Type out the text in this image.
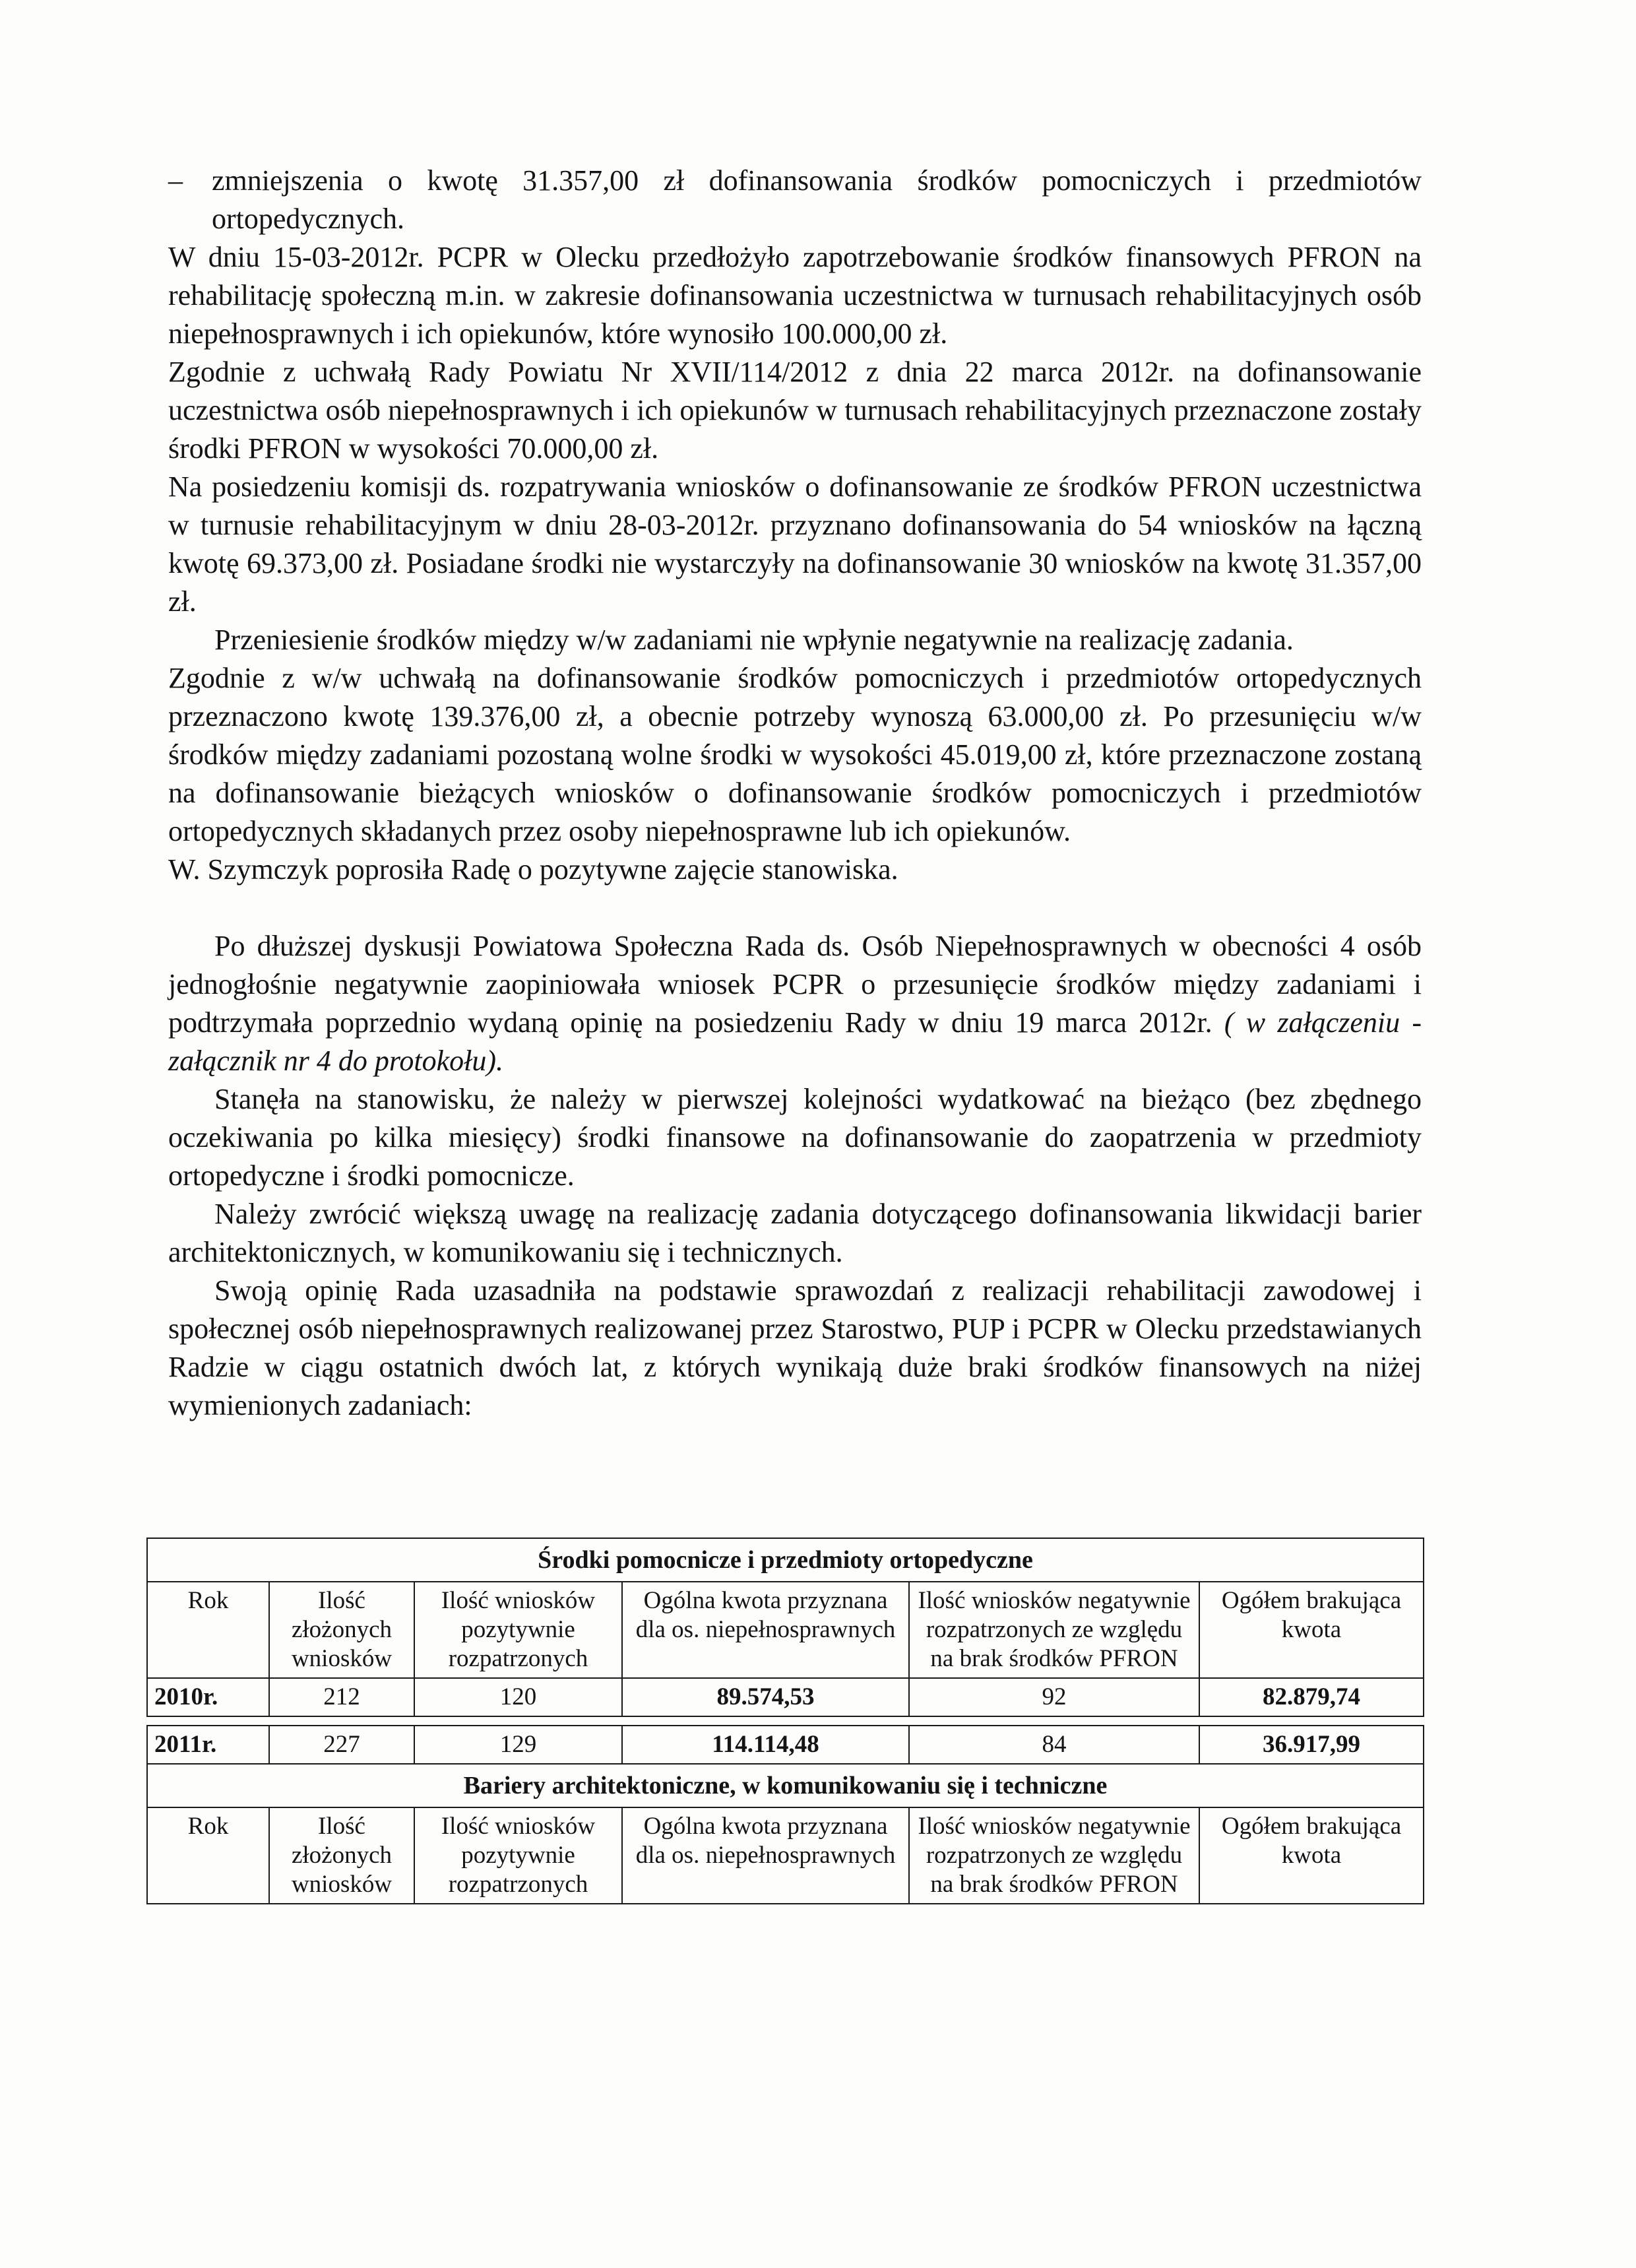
–	zmniejszenia o kwotę 31.357,00 zł dofinansowania środków pomocniczych i przedmiotów ortopedycznych.

W dniu 15-03-2012r. PCPR w Olecku przedłożyło zapotrzebowanie środków finansowych PFRON na rehabilitację społeczną m.in. w zakresie dofinansowania uczestnictwa w turnusach rehabilitacyjnych osób niepełnosprawnych i ich opiekunów, które wynosiło 100.000,00 zł.

Zgodnie z uchwałą Rady Powiatu Nr XVII/114/2012 z dnia 22 marca 2012r. na dofinansowanie uczestnictwa osób niepełnosprawnych i ich opiekunów w turnusach rehabilitacyjnych przeznaczone zostały środki PFRON w wysokości 70.000,00 zł.

Na posiedzeniu komisji ds. rozpatrywania wniosków o dofinansowanie ze środków PFRON uczestnictwa w turnusie rehabilitacyjnym w dniu 28-03-2012r. przyznano dofinansowania do 54 wniosków na łączną kwotę 69.373,00 zł. Posiadane środki nie wystarczyły na dofinansowanie 30 wniosków na kwotę 31.357,00 zł.

Przeniesienie środków między w/w zadaniami nie wpłynie negatywnie na realizację zadania.

Zgodnie z w/w uchwałą na dofinansowanie środków pomocniczych i przedmiotów ortopedycznych przeznaczono kwotę 139.376,00 zł, a obecnie potrzeby wynoszą 63.000,00 zł. Po przesunięciu w/w środków między zadaniami pozostaną wolne środki w wysokości 45.019,00 zł, które przeznaczone zostaną na dofinansowanie bieżących wniosków o dofinansowanie środków pomocniczych i przedmiotów ortopedycznych składanych przez osoby niepełnosprawne lub ich opiekunów.

W. Szymczyk poprosiła Radę o pozytywne zajęcie stanowiska.

Po dłuższej dyskusji Powiatowa Społeczna Rada ds. Osób Niepełnosprawnych w obecności 4 osób jednogłośnie negatywnie zaopiniowała wniosek PCPR o przesunięcie środków między zadaniami i podtrzymała poprzednio wydaną opinię na posiedzeniu Rady w dniu 19 marca 2012r. ( w załączeniu - załącznik nr 4 do protokołu).

Stanęła na stanowisku, że należy w pierwszej kolejności wydatkować na bieżąco (bez zbędnego oczekiwania po kilka miesięcy) środki finansowe na dofinansowanie do zaopatrzenia w przedmioty ortopedyczne i środki pomocnicze.

Należy zwrócić większą uwagę na realizację zadania dotyczącego dofinansowania likwidacji barier architektonicznych, w komunikowaniu się i technicznych.

Swoją opinię Rada uzasadniła na podstawie sprawozdań z realizacji rehabilitacji zawodowej i społecznej osób niepełnosprawnych realizowanej przez Starostwo, PUP i PCPR w Olecku przedstawianych Radzie w ciągu ostatnich dwóch lat, z których wynikają duże braki środków finansowych na niżej wymienionych zadaniach:

Środki pomocnicze i przedmioty ortopedyczne					
Rok	Ilość złożonych wniosków	Ilość wniosków pozytywnie rozpatrzonych	Ogólna kwota przyznana dla os. niepełnosprawnych	Ilość wniosków negatywnie rozpatrzonych ze względu na brak środków PFRON	Ogółem brakująca kwota
2010r.	212	120	89.574,53	92	82.879,74

2011r.	227	129	114.114,48	84	36.917,99
Bariery architektoniczne, w komunikowaniu się i techniczne					
Rok	Ilość złożonych wniosków	Ilość wniosków pozytywnie rozpatrzonych	Ogólna kwota przyznana dla os. niepełnosprawnych	Ilość wniosków negatywnie rozpatrzonych ze względu na brak środków PFRON	Ogółem brakująca kwota
